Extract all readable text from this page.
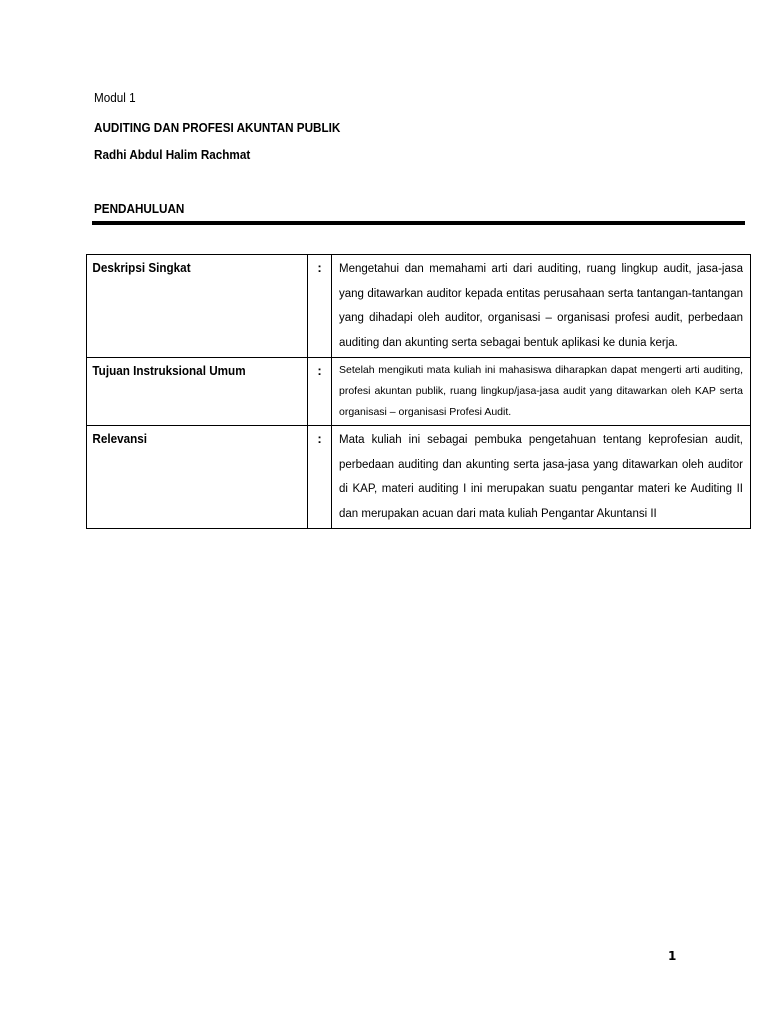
Modul 1
AUDITING DAN PROFESI AKUNTAN PUBLIK
Radhi Abdul Halim Rachmat
PENDAHULUAN
Deskripsi Singkat	:	Mengetahui dan memahami arti dari auditing, ruang lingkup audit, jasa-jasa yang ditawarkan auditor kepada entitas perusahaan serta tantangan-tantangan yang dihadapi oleh auditor, organisasi – organisasi profesi audit, perbedaan auditing dan akunting serta sebagai bentuk aplikasi ke dunia kerja.

Tujuan Instruksional Umum	:	Setelah mengikuti mata kuliah ini mahasiswa diharapkan dapat mengerti arti auditing, profesi akuntan publik, ruang lingkup/jasa-jasa audit yang ditawarkan oleh KAP serta organisasi – organisasi Profesi Audit.

Relevansi	:	Mata kuliah ini sebagai pembuka pengetahuan tentang keprofesian audit, perbedaan auditing dan akunting serta jasa-jasa yang ditawarkan oleh auditor di KAP, materi auditing I ini merupakan suatu pengantar materi ke Auditing II dan merupakan acuan dari mata kuliah Pengantar Akuntansi II
1
